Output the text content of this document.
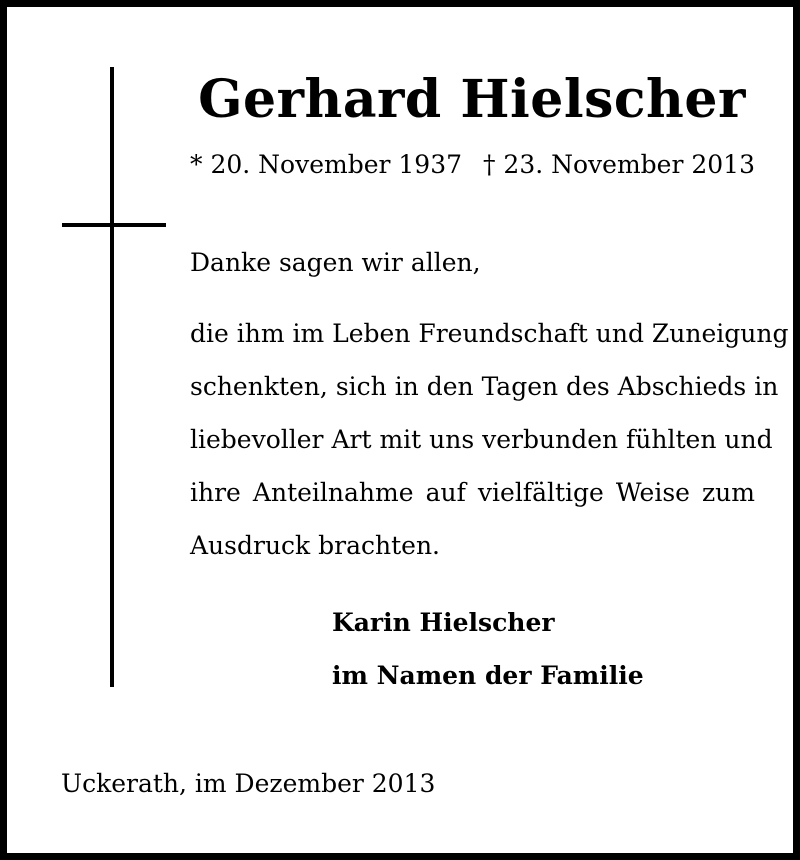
Gerhard Hielscher
* 20. November 1937 † 23. November 2013
Danke sagen wir allen,
die ihm im Leben Freundschaft und Zuneigung
schenkten, sich in den Tagen des Abschieds in
liebevoller Art mit uns verbunden fühlten und
ihre Anteilnahme auf vielfältige Weise zum
Ausdruck brachten.
Karin Hielscher
im Namen der Familie
Uckerath, im Dezember 2013
